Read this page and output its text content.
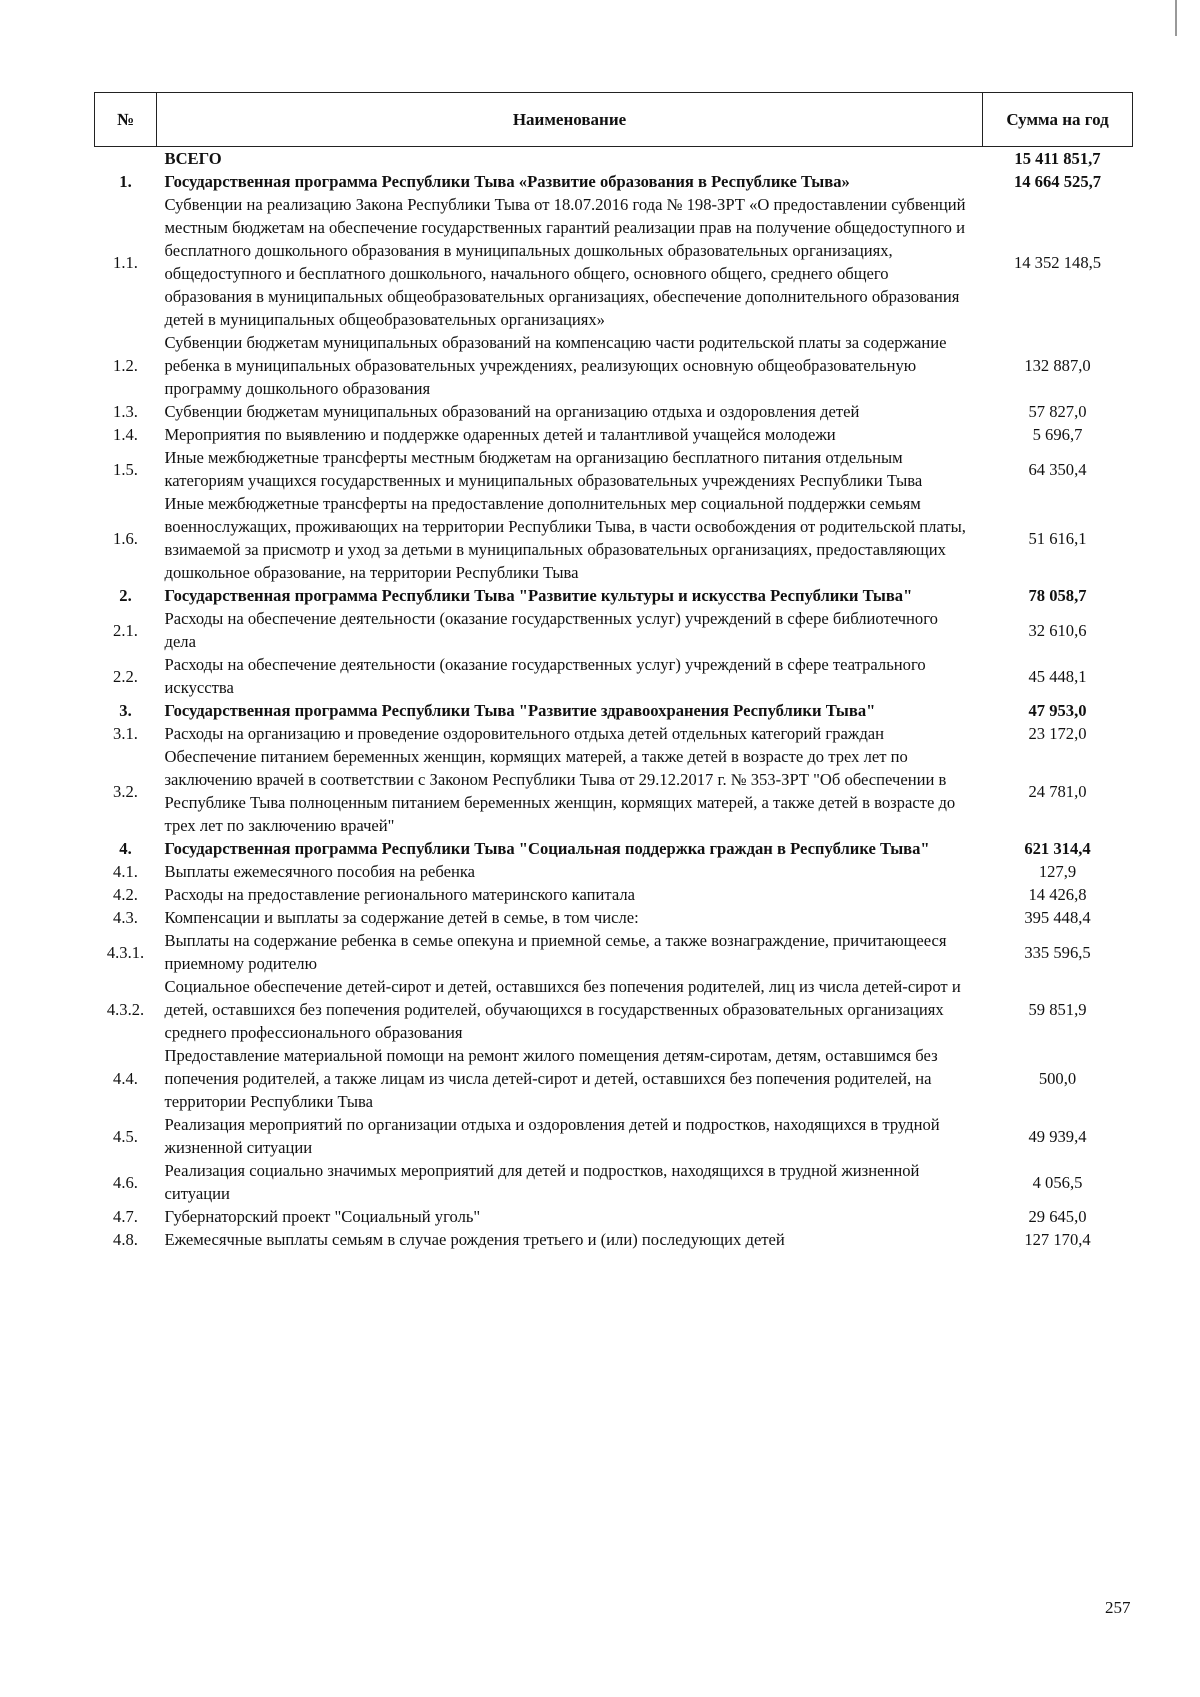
№	Наименование	Сумма на год
	ВСЕГО	15 411 851,7
1.	Государственная программа Республики Тыва «Развитие образования в Республике Тыва»	14 664 525,7
1.1.	Субвенции на реализацию Закона Республики Тыва от 18.07.2016 года № 198-ЗРТ «О предоставлении субвенций местным бюджетам на обеспечение государственных гарантий реализации прав на получение общедоступного и бесплатного дошкольного образования в муниципальных дошкольных образовательных организациях, общедоступного и бесплатного дошкольного, начального общего, основного общего, среднего общего образования в муниципальных общеобразовательных организациях, обеспечение дополнительного образования детей в муниципальных общеобразовательных организациях»	14 352 148,5
1.2.	Субвенции бюджетам муниципальных образований на компенсацию части родительской платы за содержание ребенка в муниципальных образовательных учреждениях, реализующих основную общеобразовательную программу дошкольного образования	132 887,0
1.3.	Субвенции бюджетам муниципальных образований на организацию отдыха и оздоровления детей	57 827,0
1.4.	Мероприятия по выявлению и поддержке одаренных детей и талантливой учащейся молодежи	5 696,7
1.5.	Иные межбюджетные трансферты местным бюджетам на организацию бесплатного питания отдельным категориям учащихся государственных и муниципальных образовательных учреждениях Республики Тыва	64 350,4
1.6.	Иные межбюджетные трансферты на предоставление дополнительных мер социальной поддержки семьям военнослужащих, проживающих на территории Республики Тыва, в части освобождения от родительской платы, взимаемой за присмотр и уход за детьми в муниципальных образовательных организациях, предоставляющих дошкольное образование, на территории Республики Тыва	51 616,1
2.	Государственная программа Республики Тыва "Развитие культуры и искусства Республики Тыва"	78 058,7
2.1.	Расходы на обеспечение деятельности (оказание государственных услуг) учреждений в сфере библиотечного дела	32 610,6
2.2.	Расходы на обеспечение деятельности (оказание государственных услуг) учреждений в сфере театрального искусства	45 448,1
3.	Государственная программа Республики Тыва "Развитие здравоохранения Республики Тыва"	47 953,0
3.1.	Расходы на организацию и проведение оздоровительного отдыха детей отдельных категорий граждан	23 172,0
3.2.	Обеспечение питанием беременных женщин, кормящих матерей, а также детей в возрасте до трех лет по заключению врачей в соответствии с Законом Республики Тыва от 29.12.2017 г. № 353-ЗРТ "Об обеспечении в Республике Тыва полноценным питанием беременных женщин, кормящих матерей, а также детей в возрасте до трех лет по заключению врачей"	24 781,0
4.	Государственная программа Республики Тыва "Социальная поддержка граждан в Республике Тыва"	621 314,4
4.1.	Выплаты ежемесячного пособия на ребенка	127,9
4.2.	Расходы на предоставление регионального материнского капитала	14 426,8
4.3.	Компенсации и выплаты за содержание детей в семье, в том числе:	395 448,4
4.3.1.	Выплаты на содержание ребенка в семье опекуна и приемной семье, а также вознаграждение, причитающееся приемному родителю	335 596,5
4.3.2.	Социальное обеспечение детей-сирот и детей, оставшихся без попечения родителей, лиц из числа детей-сирот и детей, оставшихся без попечения родителей, обучающихся в государственных образовательных организациях среднего профессионального образования	59 851,9
4.4.	Предоставление материальной помощи на ремонт жилого помещения детям-сиротам, детям, оставшимся без попечения родителей, а также лицам из числа детей-сирот и детей, оставшихся без попечения родителей, на территории Республики Тыва	500,0
4.5.	Реализация мероприятий по организации отдыха и оздоровления детей и подростков, находящихся в трудной жизненной ситуации	49 939,4
4.6.	Реализация социально значимых мероприятий для детей и подростков, находящихся в трудной жизненной ситуации	4 056,5
4.7.	Губернаторский проект "Социальный уголь"	29 645,0
4.8.	Ежемесячные выплаты семьям в случае рождения третьего и (или) последующих детей	127 170,4
257
